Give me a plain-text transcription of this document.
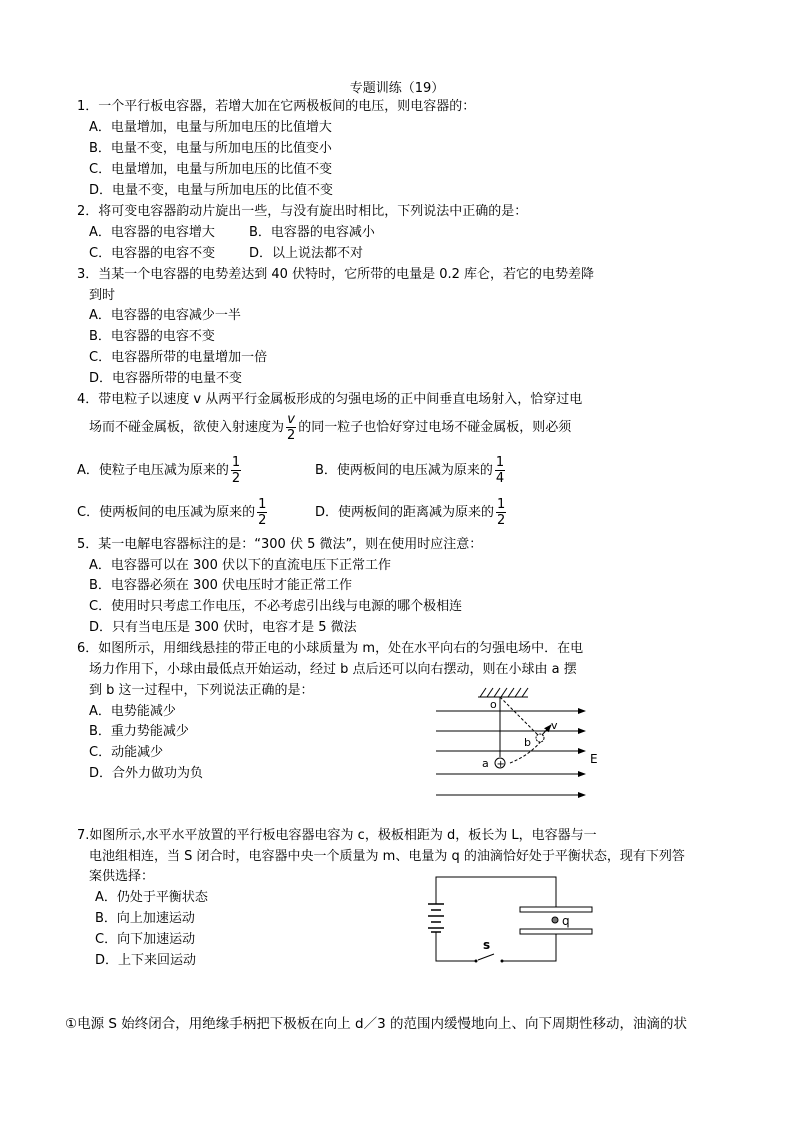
专题训练（19）
1．一个平行板电容器，若增大加在它两极板间的电压，则电容器的：
A．电量增加，电量与所加电压的比值增大
B．电量不变，电量与所加电压的比值变小
C．电量增加，电量与所加电压的比值不变
D．电量不变，电量与所加电压的比值不变
2．将可变电容器韵动片旋出一些，与没有旋出时相比，下列说法中正确的是：
A．电容器的电容增大	B．电容器的电容减小
C．电容器的电容不变	D．以上说法都不对
3．当某一个电容器的电势差达到 40 伏特时，它所带的电量是 0.2 库仑，若它的电势差降
到时
A．电容器的电容减少一半
B．电容器的电容不变
C．电容器所带的电量增加一倍
D．电容器所带的电量不变
4．带电粒子以速度 v 从两平行金属板形成的匀强电场的正中间垂直电场射入，恰穿过电
场而不碰金属板，欲使入射速度为 $\frac{v}{2}$ 的同一粒子也恰好穿过电场不碰金属板，则必须
A．使粒子电压减为原来的 $\frac{1}{2}$	B．使两板间的电压减为原来的 $\frac{1}{4}$
C．使两板间的电压减为原来的 $\frac{1}{2}$	D．使两板间的距离减为原来的 $\frac{1}{2}$
5．某一电解电容器标注的是：“300 伏 5 微法”，则在使用时应注意：
A．电容器可以在 300 伏以下的直流电压下正常工作
B．电容器必须在 300 伏电压时才能正常工作
C．使用时只考虑工作电压，不必考虑引出线与电源的哪个极相连
D．只有当电压是 300 伏时，电容才是 5 微法
6．如图所示，用细线悬挂的带正电的小球质量为 m，处在水平向右的匀强电场中．在电
场力作用下，小球由最低点开始运动，经过 b 点后还可以向右摆动，则在小球由 a 摆
到 b 这一过程中，下列说法正确的是：
A．电势能减少
B．重力势能减少
C．动能减少
D．合外力做功为负
+
o
v
b
a	E
7.如图所示,水平水平放置的平行板电容器电容为 c，极板相距为 d，板长为 L，电容器与一
电池组相连，当 S 闭合时，电容器中央一个质量为 m、电量为 q 的油滴恰好处于平衡状态，现有下列答
案供选择：
A．仍处于平衡状态
B．向上加速运动
C．向下加速运动
D．上下来回运动
q
s
①电源 S 始终闭合，用绝缘手柄把下极板在向上 d／3 的范围内缓慢地向上、向下周期性移动，油滴的状
